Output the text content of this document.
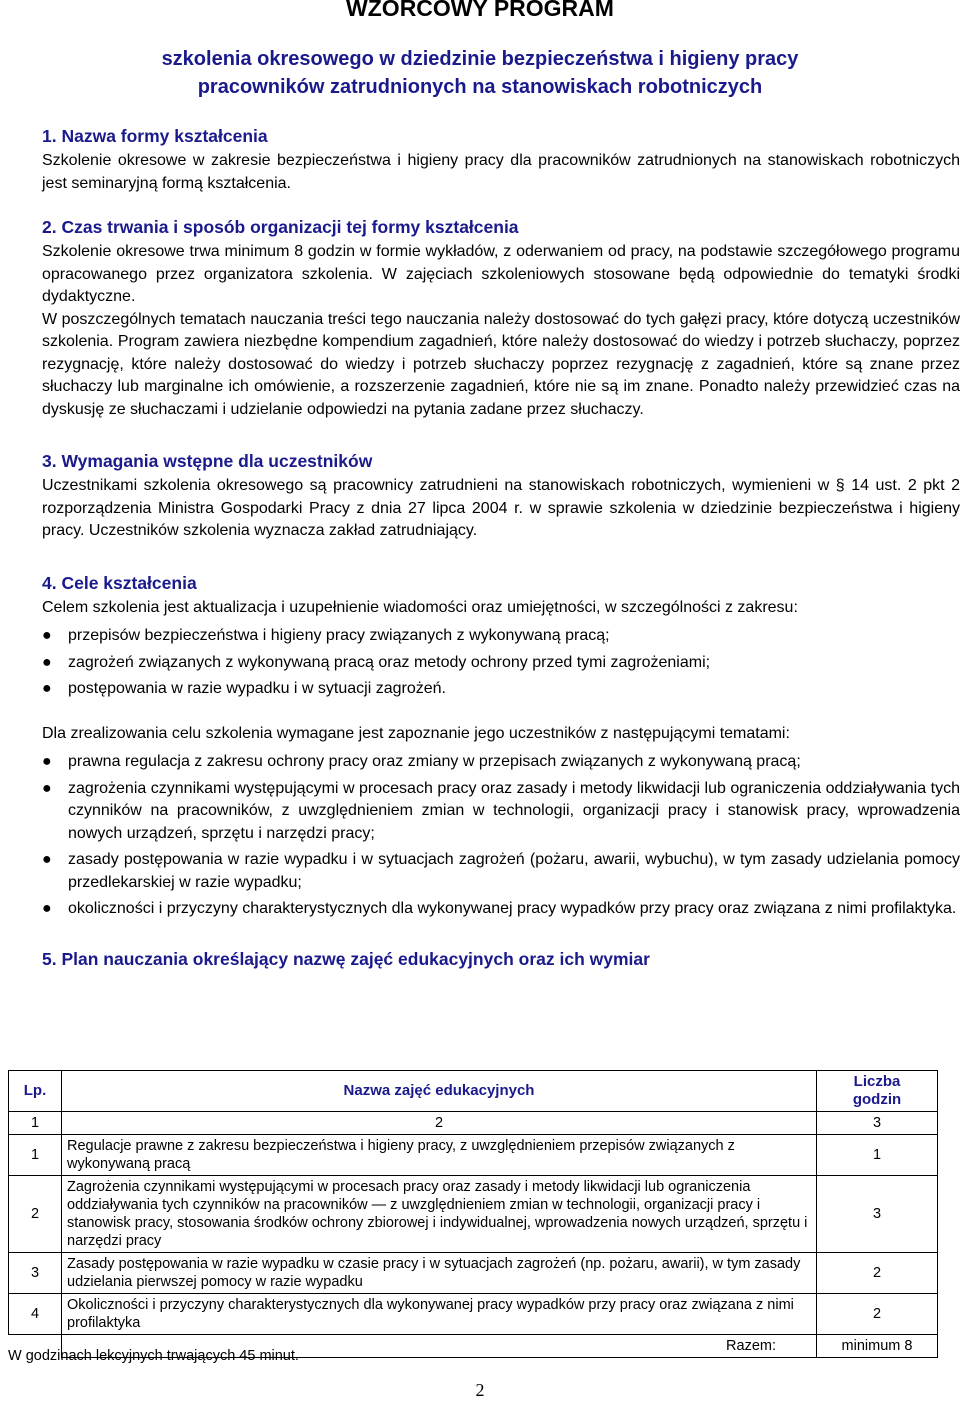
WZORCOWY PROGRAM
szkolenia okresowego w dziedzinie bezpieczeństwa i higieny pracy
pracowników zatrudnionych na stanowiskach robotniczych
1. Nazwa formy kształcenia

Szkolenie okresowe w zakresie bezpieczeństwa i higieny pracy dla pracowników zatrudnionych na stanowiskach robotniczych jest seminaryjną formą kształcenia.

2. Czas trwania i sposób organizacji tej formy kształcenia

Szkolenie okresowe trwa minimum 8 godzin w formie wykładów, z oderwaniem od pracy, na podstawie szczegółowego programu opracowanego przez organizatora szkolenia. W zajęciach szkoleniowych stosowane będą odpowiednie do tematyki środki dydaktyczne.

W poszczególnych tematach nauczania treści tego nauczania należy dostosować do tych gałęzi pracy, które dotyczą uczestników szkolenia. Program zawiera niezbędne kompendium zagadnień, które należy dostosować do wiedzy i potrzeb słuchaczy, poprzez rezygnację, które należy dostosować do wiedzy i potrzeb słuchaczy poprzez rezygnację z zagadnień, które są znane przez słuchaczy lub marginalne ich omówienie, a rozszerzenie zagadnień, które nie są im znane. Ponadto należy przewidzieć czas na dyskusję ze słuchaczami i udzielanie odpowiedzi na pytania zadane przez słuchaczy.

3. Wymagania wstępne dla uczestników

Uczestnikami szkolenia okresowego są pracownicy zatrudnieni na stanowiskach robotniczych, wymienieni w § 14 ust. 2 pkt 2 rozporządzenia Ministra Gospodarki Pracy z dnia 27 lipca 2004 r. w sprawie szkolenia w dziedzinie bezpieczeństwa i higieny pracy. Uczestników szkolenia wyznacza zakład zatrudniający.

4. Cele kształcenia

Celem szkolenia jest aktualizacja i uzupełnienie wiadomości oraz umiejętności, w szczególności z zakresu:

● przepisów bezpieczeństwa i higieny pracy związanych z wykonywaną pracą;
● zagrożeń związanych z wykonywaną pracą oraz metody ochrony przed tymi zagrożeniami;
● postępowania w razie wypadku i w sytuacji zagrożeń.

Dla zrealizowania celu szkolenia wymagane jest zapoznanie jego uczestników z następującymi tematami:

● prawna regulacja z zakresu ochrony pracy oraz zmiany w przepisach związanych z wykonywaną pracą;
● zagrożenia czynnikami występującymi w procesach pracy oraz zasady i metody likwidacji lub ograniczenia oddziaływania tych czynników na pracowników, z uwzględnieniem zmian w technologii, organizacji pracy i stanowisk pracy, wprowadzenia nowych urządzeń, sprzętu i narzędzi pracy;
● zasady postępowania w razie wypadku i w sytuacjach zagrożeń (pożaru, awarii, wybuchu), w tym zasady udzielania pomocy przedlekarskiej w razie wypadku;
● okoliczności i przyczyny charakterystycznych dla wykonywanej pracy wypadków przy pracy oraz związana z nimi profilaktyka.
5. Plan nauczania określający nazwę zajęć edukacyjnych oraz ich wymiar
Lp.	Nazwa zajęć edukacyjnych	Liczba
godzin

1	2	3
1	Regulacje prawne z zakresu bezpieczeństwa i higieny pracy, z uwzględnieniem przepisów związanych z wykonywaną pracą	1
2	Zagrożenia czynnikami występującymi w procesach pracy oraz zasady i metody likwidacji lub ograniczenia oddziaływania tych czynników na pracowników — z uwzględnieniem zmian w technologii, organizacji pracy i stanowisk pracy, stosowania środków ochrony zbiorowej i indywidualnej, wprowadzenia nowych urządzeń, sprzętu i narzędzi pracy	3
3	Zasady postępowania w razie wypadku w czasie pracy i w sytuacjach zagrożeń (np. pożaru, awarii), w tym zasady udzielania pierwszej pomocy w razie wypadku	2
4	Okoliczności i przyczyny charakterystycznych dla wykonywanej pracy wypadków przy pracy oraz związana z nimi profilaktyka	2
	Razem:	minimum 8
W godzinach lekcyjnych trwających 45 minut.
2
